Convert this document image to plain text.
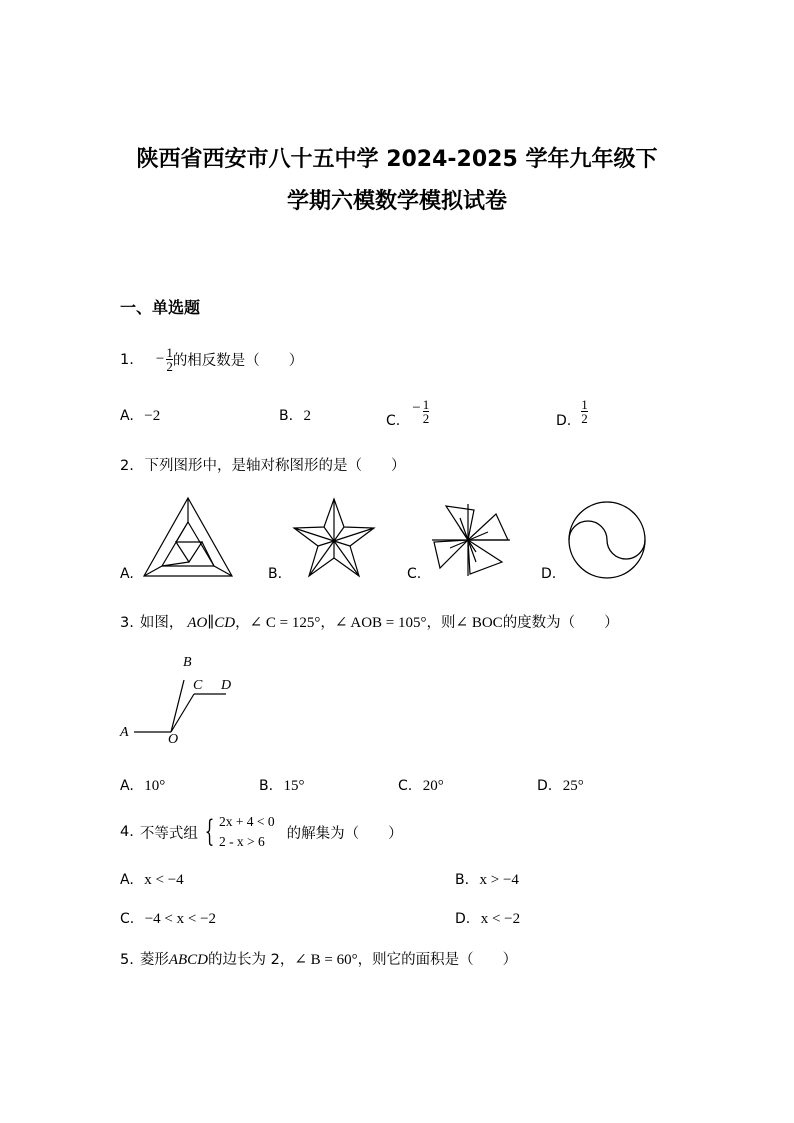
陕西省西安市八十五中学 2024-2025 学年九年级下
学期六模数学模拟试卷
一、单选题
1. − $\frac{1}{2}$ 的相反数是（　　）
A. −2	B. 2	C.
− $\frac{1}{2}$	D. $\frac{1}{2}$
2. 下列图形中，是轴对称图形的是（　　）
A.	B.	C.	D.
3. 如图， AO∥CD ， ∠ C = 125° ， ∠ AOB = 105° ，则 ∠ BOC 的度数为（　　）
B
C D
A	O
A. 10°	B. 15°	C. 20°	D. 25°
4. 不等式组 { 2x + 4 < 0
2 - x > 6	的解集为（　　）
A. x < −4	B. x > −4
C. −4 < x < −2	D. x < −2
5. 菱形 ABCD 的边长为 2， ∠ B = 60° ，则它的面积是（　　）
